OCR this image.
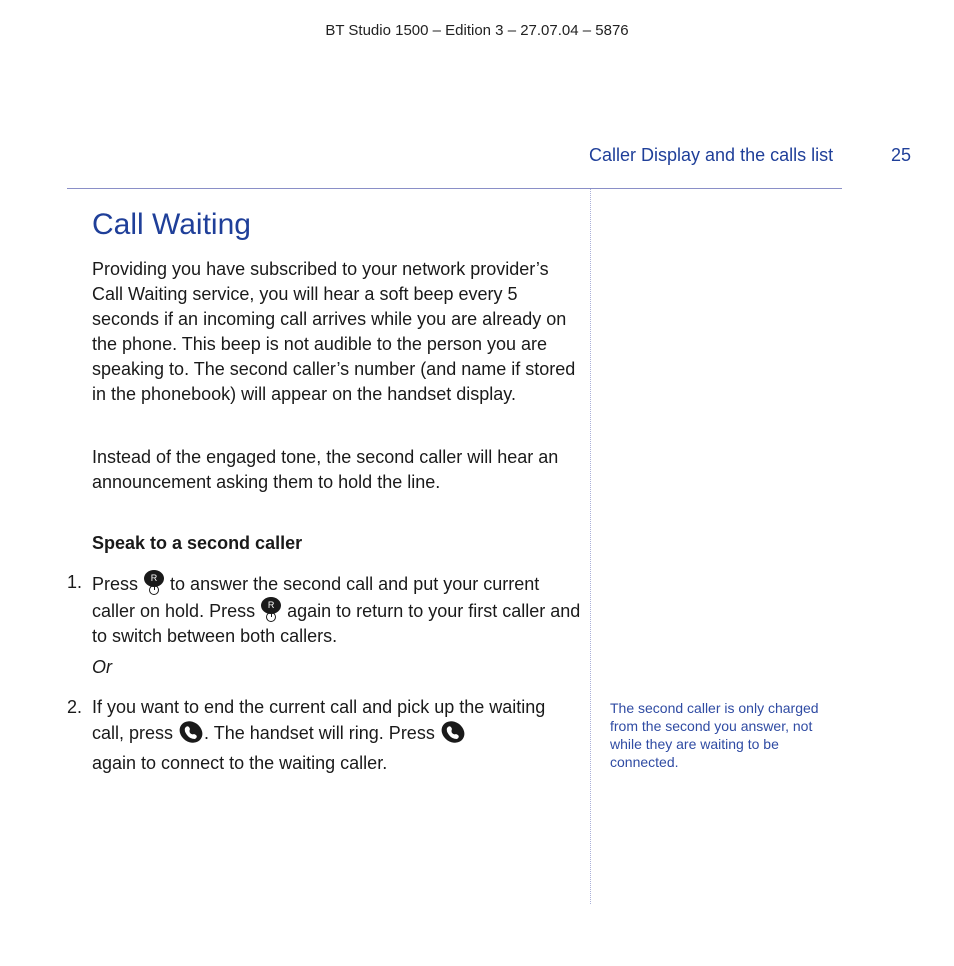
BT Studio 1500 – Edition 3 – 27.07.04 – 5876
Caller Display and the calls list	25
Call Waiting

Providing you have subscribed to your network provider’s Call Waiting service, you will hear a soft beep every 5 seconds if an incoming call arrives while you are already on the phone. This beep is not audible to the person you are speaking to. The second caller’s number (and name if stored in the phonebook) will appear on the handset display.

Instead of the engaged tone, the second caller will hear an announcement asking them to hold the line.

Speak to a second caller
1. Press	R to answer the second call and put your current caller on hold. Press	R again to return to your first caller and to switch between both callers.
Or
2. If you want to end the current call and pick up the waiting call, press . The handset will ring. Press
again to connect to the waiting caller.

The second caller is only charged from the second you answer, not while they are waiting to be connected.
